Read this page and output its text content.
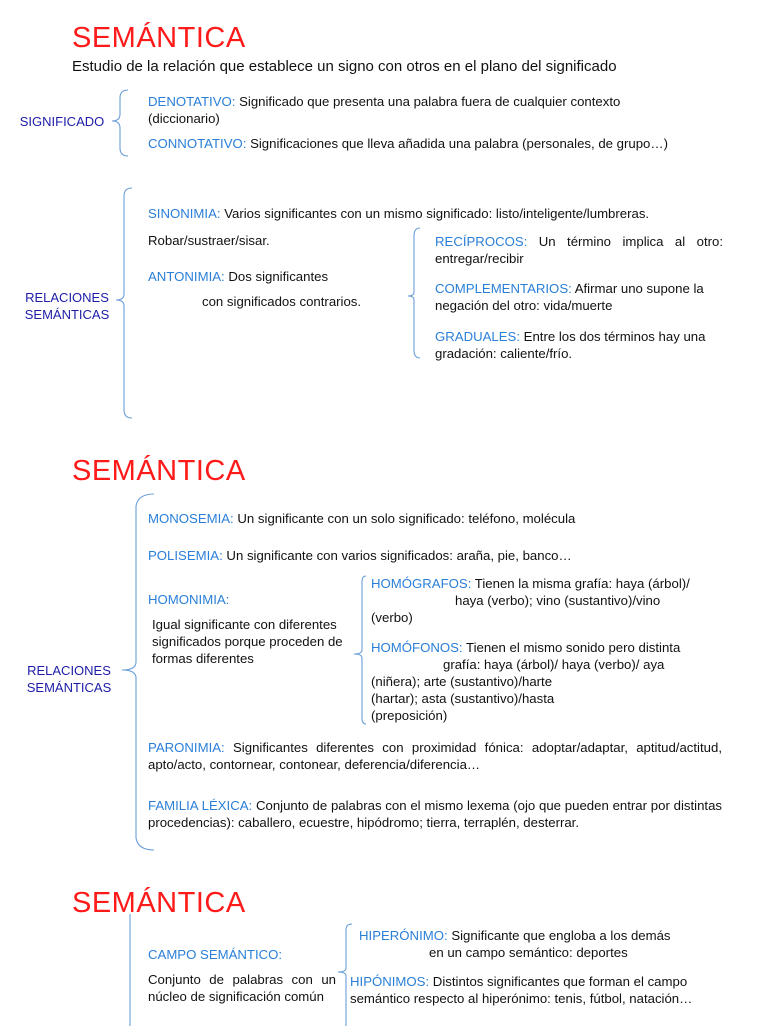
SEMÁNTICA
Estudio de la relación que establece un signo con otros en el plano del significado
SIGNIFICADO
DENOTATIVO: Significado que presenta una palabra fuera de cualquier contexto (diccionario)
CONNOTATIVO: Significaciones que lleva añadida una palabra (personales, de grupo…)
RELACIONES
SEMÁNTICAS
SINONIMIA: Varios significantes con un mismo significado: listo/inteligente/lumbreras.
Robar/sustraer/sisar.
ANTONIMIA: Dos significantes
con significados contrarios.
RECÍPROCOS: Un término implica al otro: entregar/recibir
COMPLEMENTARIOS: Afirmar uno supone la negación del otro: vida/muerte
GRADUALES: Entre los dos términos hay una gradación: caliente/frío.
SEMÁNTICA
RELACIONES
SEMÁNTICAS
MONOSEMIA: Un significante con un solo significado: teléfono, molécula
POLISEMIA: Un significante con varios significados: araña, pie, banco…
HOMONIMIA:
Igual significante con diferentes significados porque proceden de formas diferentes
HOMÓGRAFOS: Tienen la misma grafía: haya (árbol)/
haya (verbo); vino (sustantivo)/vino
(verbo)
HOMÓFONOS: Tienen el mismo sonido pero distinta
grafía: haya (árbol)/ haya (verbo)/ aya
(niñera); arte (sustantivo)/harte
(hartar); asta (sustantivo)/hasta
(preposición)
PARONIMIA: Significantes diferentes con proximidad fónica: adoptar/adaptar, aptitud/actitud, apto/acto, contornear, contonear, deferencia/diferencia…
FAMILIA LÉXICA: Conjunto de palabras con el mismo lexema (ojo que pueden entrar por distintas procedencias): caballero, ecuestre, hipódromo; tierra, terraplén, desterrar.
SEMÁNTICA
CAMPO SEMÁNTICO:
Conjunto de palabras con un núcleo de significación común
HIPERÓNIMO: Significante que engloba a los demás
en un campo semántico: deportes
HIPÓNIMOS: Distintos significantes que forman el campo semántico respecto al hiperónimo: tenis, fútbol, natación…
